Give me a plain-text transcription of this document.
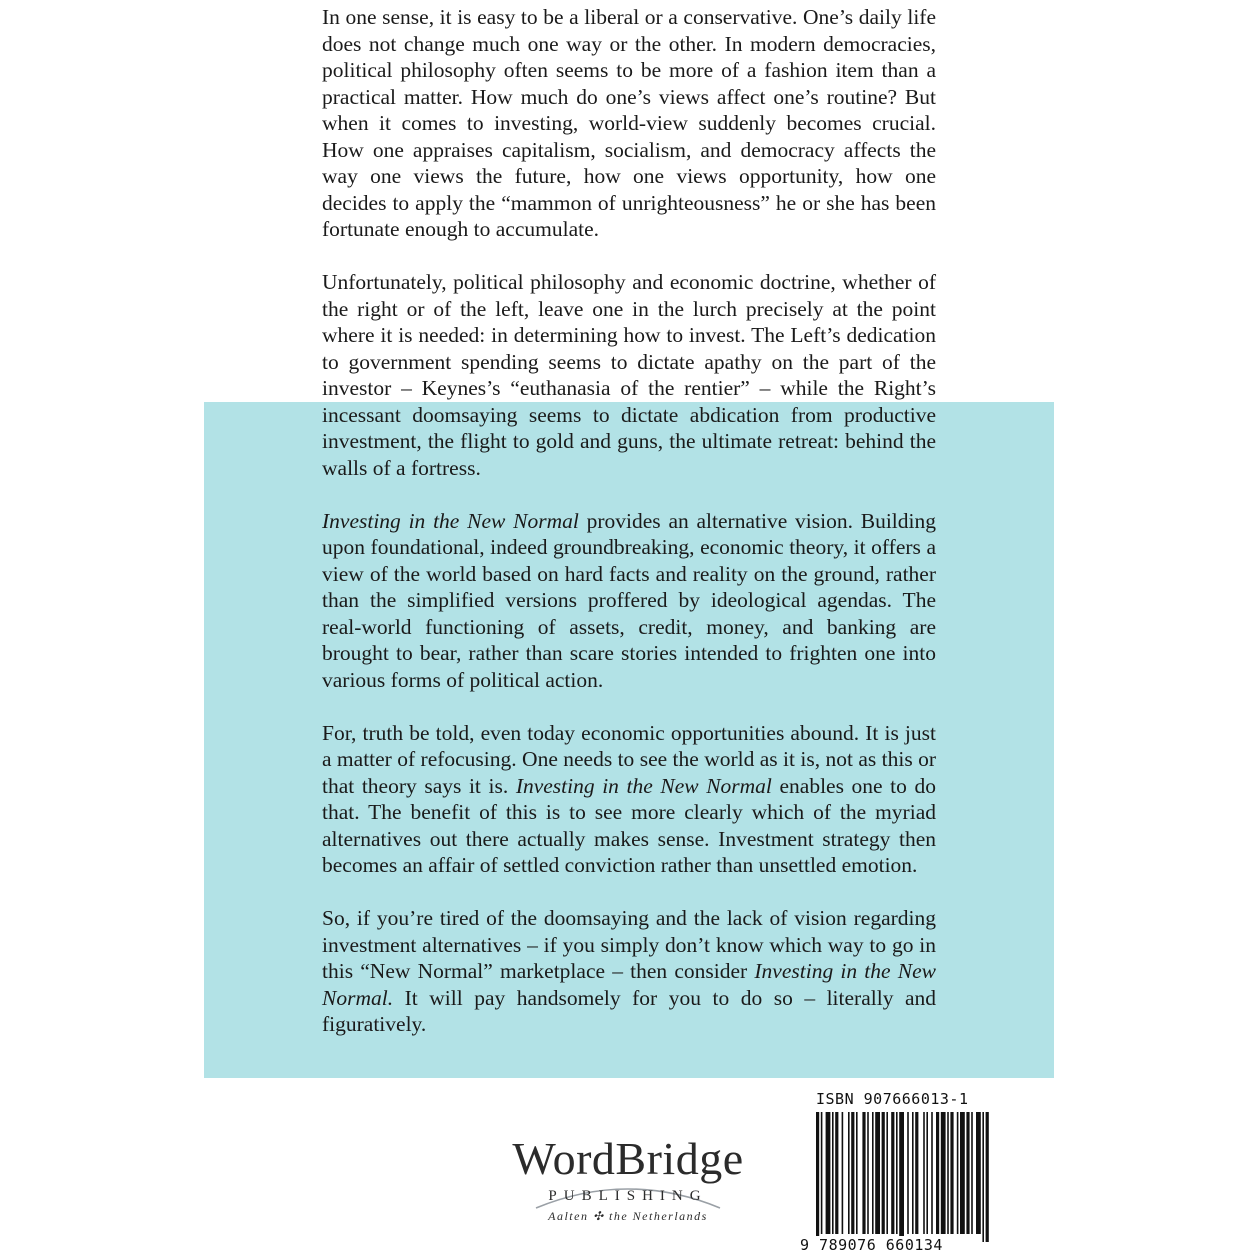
In one sense, it is easy to be a liberal or a conservative. One’s daily life does not change much one way or the other. In modern democracies, political philosophy often seems to be more of a fashion item than a practical matter. How much do one’s views affect one’s routine? But when it comes to investing, world-view suddenly becomes crucial. How one appraises capitalism, socialism, and democracy affects the way one views the future, how one views opportunity, how one decides to apply the “mammon of unrighteousness” he or she has been fortunate enough to accumulate.

Unfortunately, political philosophy and economic doctrine, whether of the right or of the left, leave one in the lurch precisely at the point where it is needed: in determining how to invest. The Left’s dedication to government spending seems to dictate apathy on the part of the investor – Keynes’s “euthanasia of the rentier” – while the Right’s incessant doomsaying seems to dictate abdication from productive investment, the flight to gold and guns, the ultimate retreat: behind the walls of a fortress.

Investing in the New Normal provides an alternative vision. Building upon foundational, indeed groundbreaking, economic theory, it offers a view of the world based on hard facts and reality on the ground, rather than the simplified versions proffered by ideological agendas. The real-world functioning of assets, credit, money, and banking are brought to bear, rather than scare stories intended to frighten one into various forms of political action.

For, truth be told, even today economic opportunities abound. It is just a matter of refocusing. One needs to see the world as it is, not as this or that theory says it is. Investing in the New Normal enables one to do that. The benefit of this is to see more clearly which of the myriad alternatives out there actually makes sense. Investment strategy then becomes an affair of settled conviction rather than unsettled emotion.

So, if you’re tired of the doomsaying and the lack of vision regarding investment alternatives – if you simply don’t know which way to go in this “New Normal” marketplace – then consider Investing in the New Normal. It will pay handsomely for you to do so – literally and figuratively.

WordBridge
PUBLISHING
Aalten ✣ the Netherlands
ISBN 907666013-1
9 789076 660134
